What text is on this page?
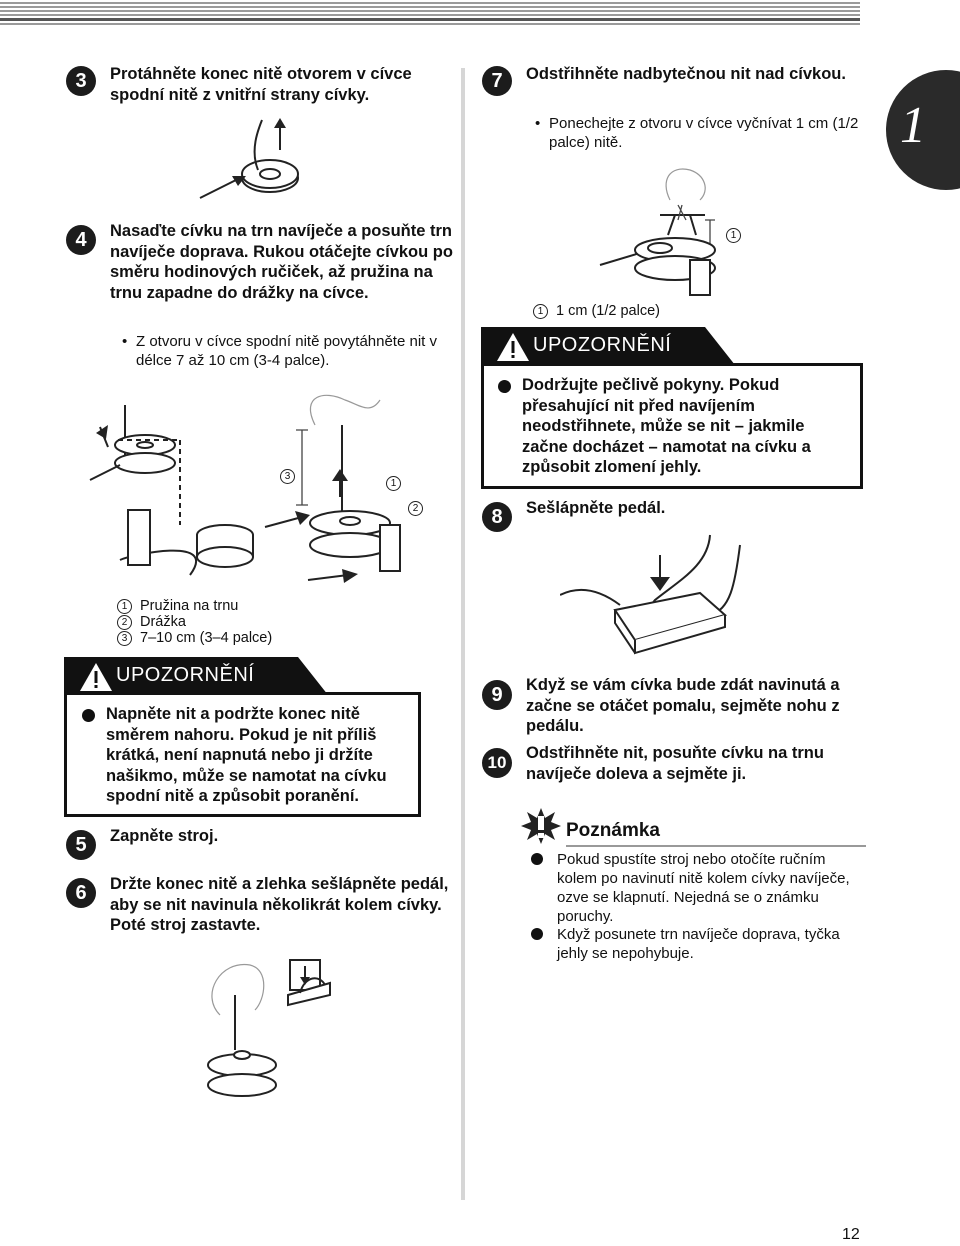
1
3	Protáhněte konec nitě otvorem v cívce spodní nitě z vnitřní strany cívky.
4	Nasaďte cívku na trn navíječe a posuňte trn navíječe doprava. Rukou otáčejte cívkou po směru hodinových ručiček, až pružina na trnu zapadne do drážky na cívce.
• Z otvoru v cívce spodní nitě povytáhněte nit v délce 7 až 10 cm (3-4 palce).
3
1
2
1 Pružina na trnu
2 Drážka
3 7–10 cm (3–4 palce)
UPOZORNĚNÍ
Napněte nit a podržte konec nitě směrem nahoru. Pokud je nit příliš krátká, není napnutá nebo ji držíte našikmo, může se namotat na cívku spodní nitě a způsobit poranění.
5	Zapněte stroj.
6	Držte konec nitě a zlehka sešlápněte pedál, aby se nit navinula několikrát kolem cívky. Poté stroj zastavte.
7	Odstřihněte nadbytečnou nit nad cívkou.
• Ponechejte z otvoru v cívce vyčnívat 1 cm (1/2 palce) nitě.
1
1 1 cm (1/2 palce)
UPOZORNĚNÍ
Dodržujte pečlivě pokyny. Pokud přesahující nit před navíjením neodstřihnete, může se nit – jakmile začne docházet – namotat na cívku a způsobit zlomení jehly.
8	Sešlápněte pedál.
9	Když se vám cívka bude zdát navinutá a začne se otáčet pomalu, sejměte nohu z pedálu.
10	Odstřihněte nit, posuňte cívku na trnu navíječe doleva a sejměte ji.
Poznámka
Pokud spustíte stroj nebo otočíte ručním kolem po navinutí nitě kolem cívky navíječe, ozve se klapnutí. Nejedná se o známku poruchy.
Když posunete trn navíječe doprava, tyčka jehly se nepohybuje.
12
